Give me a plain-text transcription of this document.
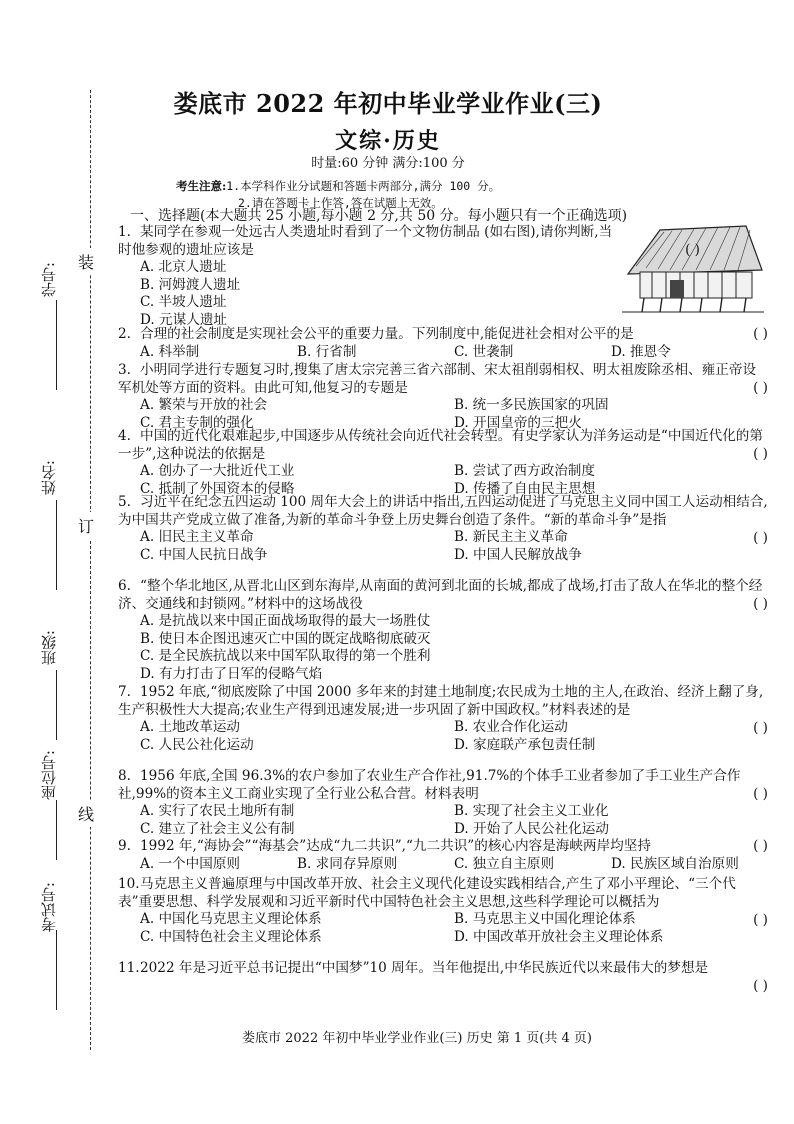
装
订
线
学号:
姓名:
班级:
座位号:
考试号:
娄底市 2022 年初中毕业学业作业(三)
文综·历史
时量:60 分钟 满分:100 分
考生注意:1.本学科作业分试题和答题卡两部分,满分 100 分。
2.请在答题卡上作答,答在试题上无效。
一、选择题(本大题共 25 小题,每小题 2 分,共 50 分。每小题只有一个正确选项)
1. 某同学在参观一处远古人类遗址时看到了一个文物仿制品 (如右图),请你判断,当时他参观的遗址应该是	( )
A. 北京人遗址
B. 河姆渡人遗址
C. 半坡人遗址
D. 元谋人遗址
2. 合理的社会制度是实现社会公平的重要力量。下列制度中,能促进社会相对公平的是	( )
A. 科举制	B. 行省制	C. 世袭制	D. 推恩令
3. 小明同学进行专题复习时,搜集了唐太宗完善三省六部制、宋太祖削弱相权、明太祖废除丞相、雍正帝设军机处等方面的资料。由此可知,他复习的专题是	( )
A. 繁荣与开放的社会	B. 统一多民族国家的巩固
C. 君主专制的强化	D. 开国皇帝的三把火
4. 中国的近代化艰难起步,中国逐步从传统社会向近代社会转型。有史学家认为洋务运动是“中国近代化的第一步”,这种说法的依据是	( )
A. 创办了一大批近代工业	B. 尝试了西方政治制度
C. 抵制了外国资本的侵略	D. 传播了自由民主思想
5. 习近平在纪念五四运动 100 周年大会上的讲话中指出,五四运动促进了马克思主义同中国工人运动相结合,为中国共产党成立做了准备,为新的革命斗争登上历史舞台创造了条件。“新的革命斗争”是指
( )
A. 旧民主主义革命	B. 新民主主义革命
C. 中国人民抗日战争	D. 中国人民解放战争
6. “整个华北地区,从晋北山区到东海岸,从南面的黄河到北面的长城,都成了战场,打击了敌人在华北的整个经济、交通线和封锁网。”材料中的这场战役	( )
A. 是抗战以来中国正面战场取得的最大一场胜仗
B. 使日本企图迅速灭亡中国的既定战略彻底破灭
C. 是全民族抗战以来中国军队取得的第一个胜利
D. 有力打击了日军的侵略气焰
7. 1952 年底,“彻底废除了中国 2000 多年来的封建土地制度;农民成为土地的主人,在政治、经济上翻了身,生产积极性大大提高;农业生产得到迅速发展;进一步巩固了新中国政权。”材料表述的是
( )
A. 土地改革运动	B. 农业合作化运动
C. 人民公社化运动	D. 家庭联产承包责任制
8. 1956 年底,全国 96.3%的农户参加了农业生产合作社,91.7%的个体手工业者参加了手工业生产合作社,99%的资本主义工商业实现了全行业公私合营。材料表明	( )
A. 实行了农民土地所有制	B. 实现了社会主义工业化
C. 建立了社会主义公有制	D. 开始了人民公社化运动
9. 1992 年,“海协会”“海基会”达成“九二共识”,“九二共识”的核心内容是海峡两岸均坚持	( )
A. 一个中国原则	B. 求同存异原则	C. 独立自主原则	D. 民族区域自治原则
10.马克思主义普遍原理与中国改革开放、社会主义现代化建设实践相结合,产生了邓小平理论、“三个代表”重要思想、科学发展观和习近平新时代中国特色社会主义思想,这些科学理论可以概括为
( )
A. 中国化马克思主义理论体系	B. 马克思主义中国化理论体系
C. 中国特色社会主义理论体系	D. 中国改革开放社会主义理论体系
11.2022 年是习近平总书记提出“中国梦”10 周年。当年他提出,中华民族近代以来最伟大的梦想是
( )
娄底市 2022 年初中毕业学业作业(三) 历史 第 1 页(共 4 页)
